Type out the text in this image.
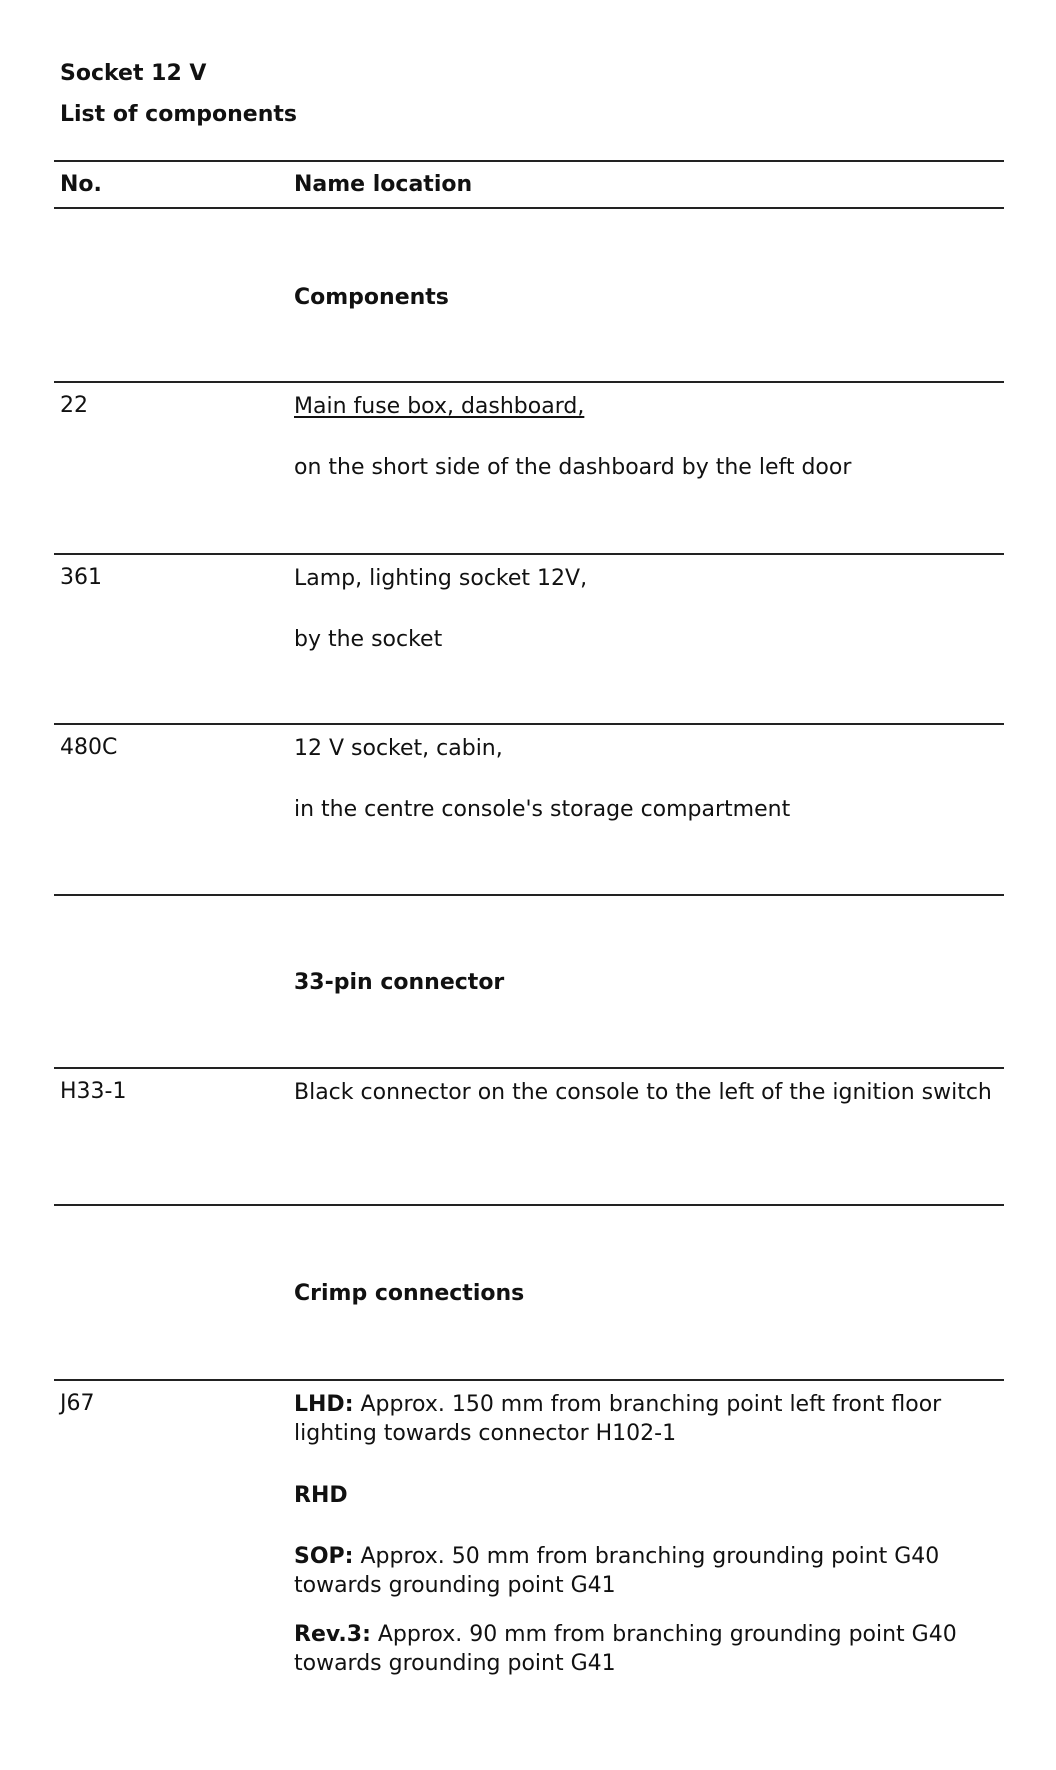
Socket 12 V
List of components
No.	Name location
Components
22	Main fuse box, dashboard,
on the short side of the dashboard by the left door
361	Lamp, lighting socket 12V,
by the socket
480C	12 V socket, cabin,
in the centre console's storage compartment
33-pin connector
H33-1	Black connector on the console to the left of the ignition switch
Crimp connections
J67	LHD: Approx. 150 mm from branching point left front floor lighting towards connector H102-1
RHD
SOP: Approx. 50 mm from branching grounding point G40 towards grounding point G41
Rev.3: Approx. 90 mm from branching grounding point G40 towards grounding point G41
